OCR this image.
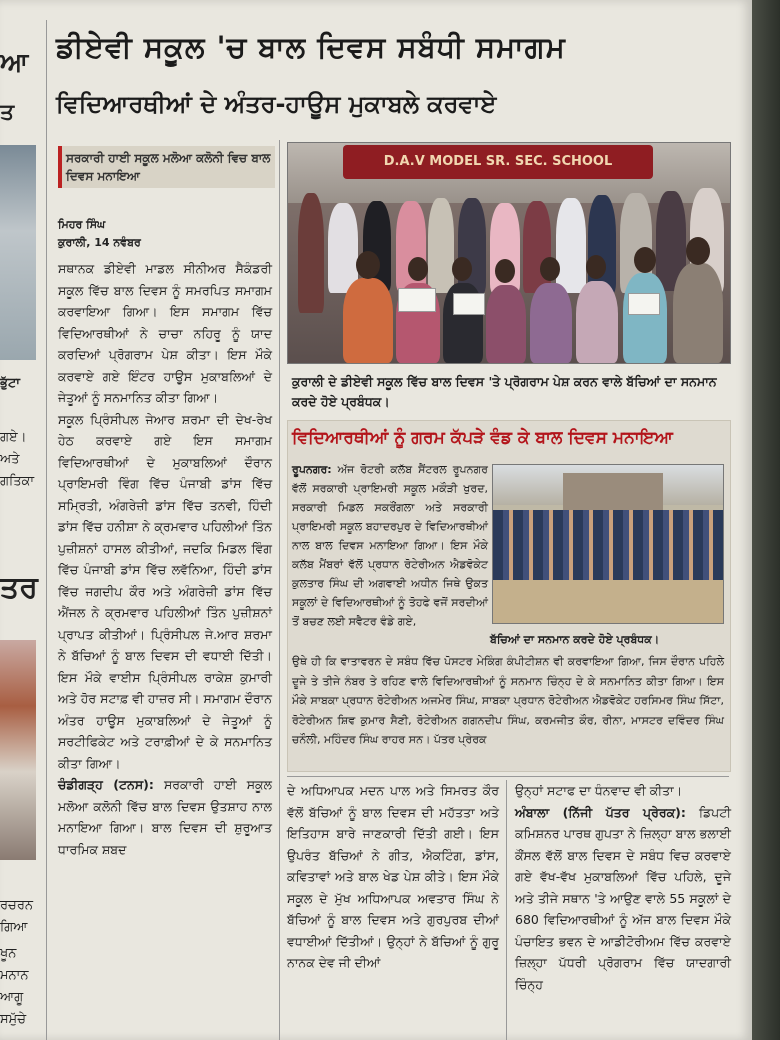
ਆ
ਤ
ਭੁੱਟਾ
ਗਏ।
ਅਤੇ
ਗਤਿਕਾ
ਤਰ
ਰਚਰਨ
ਗਿਆ
ਖੂਨ
ਮਨਾਨ
ਆਗੂ
ਸਮੁੱਚੇ
ਡੀਏਵੀ ਸਕੂਲ 'ਚ ਬਾਲ ਦਿਵਸ ਸਬੰਧੀ ਸਮਾਗਮ
ਵਿਦਿਆਰਥੀਆਂ ਦੇ ਅੰਤਰ-ਹਾਊਸ ਮੁਕਾਬਲੇ ਕਰਵਾਏ
ਸਰਕਾਰੀ ਹਾਈ ਸਕੂਲ ਮਲੋਆ ਕਲੋਨੀ ਵਿਚ ਬਾਲ ਦਿਵਸ ਮਨਾਇਆ
ਮਿਹਰ ਸਿੰਘ
ਕੁਰਾਲੀ, 14 ਨਵੰਬਰ

ਸਥਾਨਕ ਡੀਏਵੀ ਮਾਡਲ ਸੀਨੀਅਰ ਸੈਕੰਡਰੀ ਸਕੂਲ ਵਿੱਚ ਬਾਲ ਦਿਵਸ ਨੂੰ ਸਮਰਪਿਤ ਸਮਾਗਮ ਕਰਵਾਇਆ ਗਿਆ। ਇਸ ਸਮਾਗਮ ਵਿੱਚ ਵਿਦਿਆਰਥੀਆਂ ਨੇ ਚਾਚਾ ਨਹਿਰੂ ਨੂੰ ਯਾਦ ਕਰਦਿਆਂ ਪ੍ਰੋਗਰਾਮ ਪੇਸ਼ ਕੀਤਾ। ਇਸ ਮੌਕੇ ਕਰਵਾਏ ਗਏ ਇੰਟਰ ਹਾਊਸ ਮੁਕਾਬਲਿਆਂ ਦੇ ਜੇਤੂਆਂ ਨੂੰ ਸਨਮਾਨਿਤ ਕੀਤਾ ਗਿਆ।

ਸਕੂਲ ਪ੍ਰਿੰਸੀਪਲ ਜੇਆਰ ਸ਼ਰਮਾ ਦੀ ਦੇਖ-ਰੇਖ ਹੇਠ ਕਰਵਾਏ ਗਏ ਇਸ ਸਮਾਗਮ ਵਿਦਿਆਰਥੀਆਂ ਦੇ ਮੁਕਾਬਲਿਆਂ ਦੌਰਾਨ ਪ੍ਰਾਇਮਰੀ ਵਿੰਗ ਵਿੱਚ ਪੰਜਾਬੀ ਡਾਂਸ ਵਿੱਚ ਸਮ੍ਰਿਤੀ, ਅੰਗਰੇਜ਼ੀ ਡਾਂਸ ਵਿੱਚ ਤਨਵੀ, ਹਿੰਦੀ ਡਾਂਸ ਵਿੱਚ ਹਨੀਸ਼ਾ ਨੇ ਕ੍ਰਮਵਾਰ ਪਹਿਲੀਆਂ ਤਿੰਨ ਪੁਜ਼ੀਸ਼ਨਾਂ ਹਾਸਲ ਕੀਤੀਆਂ, ਜਦਕਿ ਮਿਡਲ ਵਿੰਗ ਵਿੱਚ ਪੰਜਾਬੀ ਡਾਂਸ ਵਿੱਚ ਲਵੱਨਿਆ, ਹਿੰਦੀ ਡਾਂਸ ਵਿੱਚ ਜਗਦੀਪ ਕੌਰ ਅਤੇ ਅੰਗਰੇਜ਼ੀ ਡਾਂਸ ਵਿੱਚ ਐਂਜਲ ਨੇ ਕ੍ਰਮਵਾਰ ਪਹਿਲੀਆਂ ਤਿੰਨ ਪੁਜ਼ੀਸ਼ਨਾਂ ਪ੍ਰਾਪਤ ਕੀਤੀਆਂ। ਪ੍ਰਿੰਸੀਪਲ ਜੇ.ਆਰ ਸ਼ਰਮਾ ਨੇ ਬੱਚਿਆਂ ਨੂੰ ਬਾਲ ਦਿਵਸ ਦੀ ਵਧਾਈ ਦਿੱਤੀ। ਇਸ ਮੌਕੇ ਵਾਈਸ ਪ੍ਰਿੰਸੀਪਲ ਰਾਕੇਸ਼ ਕੁਮਾਰੀ ਅਤੇ ਹੋਰ ਸਟਾਫ਼ ਵੀ ਹਾਜ਼ਰ ਸੀ। ਸਮਾਗਮ ਦੌਰਾਨ ਅੰਤਰ ਹਾਊਸ ਮੁਕਾਬਲਿਆਂ ਦੇ ਜੇਤੂਆਂ ਨੂੰ ਸਰਟੀਫਿਕੇਟ ਅਤੇ ਟਰਾਫ਼ੀਆਂ ਦੇ ਕੇ ਸਨਮਾਨਿਤ ਕੀਤਾ ਗਿਆ।

ਚੰਡੀਗੜ੍ਹ (ਟਨਸ): ਸਰਕਾਰੀ ਹਾਈ ਸਕੂਲ ਮਲੋਆ ਕਲੋਨੀ ਵਿੱਚ ਬਾਲ ਦਿਵਸ ਉਤਸ਼ਾਹ ਨਾਲ ਮਨਾਇਆ ਗਿਆ। ਬਾਲ ਦਿਵਸ ਦੀ ਸ਼ੁਰੂਆਤ ਧਾਰਮਿਕ ਸ਼ਬਦ

D.A.V MODEL SR. SEC. SCHOOL
ਕੁਰਾਲੀ ਦੇ ਡੀਏਵੀ ਸਕੂਲ ਵਿੱਚ ਬਾਲ ਦਿਵਸ 'ਤੇ ਪ੍ਰੋਗਰਾਮ ਪੇਸ਼ ਕਰਨ ਵਾਲੇ ਬੱਚਿਆਂ ਦਾ ਸਨਮਾਨ ਕਰਦੇ ਹੋਏ ਪ੍ਰਬੰਧਕ।
ਵਿਦਿਆਰਥੀਆਂ ਨੂੰ ਗਰਮ ਕੱਪੜੇ ਵੰਡ ਕੇ ਬਾਲ ਦਿਵਸ ਮਨਾਇਆ
ਰੂਪਨਗਰ: ਅੱਜ ਰੋਟਰੀ ਕਲੱਬ ਸੈਂਟਰਲ ਰੂਪਨਗਰ ਵੱਲੋਂ ਸਰਕਾਰੀ ਪ੍ਰਾਇਮਰੀ ਸਕੂਲ ਮਕੌੜੀ ਖੁਰਦ, ਸਰਕਾਰੀ ਮਿਡਲ ਸਕਰੌਂਗਲਾ ਅਤੇ ਸਰਕਾਰੀ ਪ੍ਰਾਇਮਰੀ ਸਕੂਲ ਬਹਾਦਰਪੁਰ ਦੇ ਵਿਦਿਆਰਥੀਆਂ ਨਾਲ ਬਾਲ ਦਿਵਸ ਮਨਾਇਆ ਗਿਆ। ਇਸ ਮੌਕੇ ਕਲੱਬ ਮੈਂਬਰਾਂ ਵੱਲੋਂ ਪ੍ਰਧਾਨ ਰੋਟੇਰੀਅਨ ਐਡਵੋਕੇਟ ਕੁਲਤਾਰ ਸਿੰਘ ਦੀ ਅਗਵਾਈ ਅਧੀਨ ਜਿਥੇ ਉਕਤ ਸਕੂਲਾਂ ਦੇ ਵਿਦਿਆਰਥੀਆਂ ਨੂੰ ਤੋਹਫੇ ਵਜੋਂ ਸਰਦੀਆਂ ਤੋਂ ਬਚਣ ਲਈ ਸਵੈਟਰ ਵੰਡੇ ਗਏ,
ਬੱਚਿਆਂ ਦਾ ਸਨਮਾਨ ਕਰਦੇ ਹੋਏ ਪ੍ਰਬੰਧਕ।
ਉਥੇ ਹੀ ਕਿ ਵਾਤਾਵਰਨ ਦੇ ਸਬੰਧ ਵਿੱਚ ਪੋਸਟਰ ਮੇਕਿੰਗ ਕੰਪੀਟੀਸ਼ਨ ਵੀ ਕਰਵਾਇਆ ਗਿਆ, ਜਿਸ ਦੌਰਾਨ ਪਹਿਲੇ ਦੂਜੇ ਤੇ ਤੀਜੇ ਨੰਬਰ ਤੇ ਰਹਿਣ ਵਾਲੇ ਵਿਦਿਆਰਥੀਆਂ ਨੂੰ ਸਨਮਾਨ ਚਿੰਨ੍ਹ ਦੇ ਕੇ ਸਨਮਾਨਿਤ ਕੀਤਾ ਗਿਆ। ਇਸ ਮੌਕੇ ਸਾਬਕਾ ਪ੍ਰਧਾਨ ਰੋਟੇਰੀਅਨ ਅਜਮੇਰ ਸਿੰਘ, ਸਾਬਕਾ ਪ੍ਰਧਾਨ ਰੋਟੇਰੀਅਨ ਐਡਵੋਕੇਟ ਹਰਸਿਮਰ ਸਿੰਘ ਸਿੱਟਾ, ਰੋਟੇਰੀਅਨ ਸ਼ਿਵ ਕੁਮਾਰ ਸੈਣੀ, ਰੋਟੇਰੀਅਨ ਗਗਨਦੀਪ ਸਿੰਘ, ਕਰਮਜੀਤ ਕੌਰ, ਰੀਨਾ, ਮਾਸਟਰ ਦਵਿੰਦਰ ਸਿੰਘ ਚਨੌਲੀ, ਮਹਿੰਦਰ ਸਿੰਘ ਰਾਹਰ ਸਨ। ਪੱਤਰ ਪ੍ਰੇਰਕ
ਦੇ ਅਧਿਆਪਕ ਮਦਨ ਪਾਲ ਅਤੇ ਸਿਮਰਤ ਕੌਰ ਵੱਲੋਂ ਬੱਚਿਆਂ ਨੂੰ ਬਾਲ ਦਿਵਸ ਦੀ ਮਹੱਤਤਾ ਅਤੇ ਇਤਿਹਾਸ ਬਾਰੇ ਜਾਣਕਾਰੀ ਦਿੱਤੀ ਗਈ। ਇਸ ਉਪਰੰਤ ਬੱਚਿਆਂ ਨੇ ਗੀਤ, ਐਕਟਿੰਗ, ਡਾਂਸ, ਕਵਿਤਾਵਾਂ ਅਤੇ ਬਾਲ ਖੇਡ ਪੇਸ਼ ਕੀਤੇ। ਇਸ ਮੌਕੇ ਸਕੂਲ ਦੇ ਮੁੱਖ ਅਧਿਆਪਕ ਅਵਤਾਰ ਸਿੰਘ ਨੇ ਬੱਚਿਆਂ ਨੂੰ ਬਾਲ ਦਿਵਸ ਅਤੇ ਗੁਰਪੁਰਬ ਦੀਆਂ ਵਧਾਈਆਂ ਦਿੱਤੀਆਂ। ਉਨ੍ਹਾਂ ਨੇ ਬੱਚਿਆਂ ਨੂੰ ਗੁਰੂ ਨਾਨਕ ਦੇਵ ਜੀ ਦੀਆਂ
ਉਨ੍ਹਾਂ ਸਟਾਫ ਦਾ ਧੰਨਵਾਦ ਵੀ ਕੀਤਾ।
ਅੰਬਾਲਾ (ਨਿੱਜੀ ਪੱਤਰ ਪ੍ਰੇਰਕ): ਡਿਪਟੀ ਕਮਿਸ਼ਨਰ ਪਾਰਥ ਗੁਪਤਾ ਨੇ ਜ਼ਿਲ੍ਹਾ ਬਾਲ ਭਲਾਈ ਕੌਂਸਲ ਵੱਲੋਂ ਬਾਲ ਦਿਵਸ ਦੇ ਸਬੰਧ ਵਿਚ ਕਰਵਾਏ ਗਏ ਵੱਖ-ਵੱਖ ਮੁਕਾਬਲਿਆਂ ਵਿੱਚ ਪਹਿਲੇ, ਦੂਜੇ ਅਤੇ ਤੀਜੇ ਸਥਾਨ 'ਤੇ ਆਉਣ ਵਾਲੇ 55 ਸਕੂਲਾਂ ਦੇ 680 ਵਿਦਿਆਰਥੀਆਂ ਨੂੰ ਅੱਜ ਬਾਲ ਦਿਵਸ ਮੌਕੇ ਪੰਚਾਇਤ ਭਵਨ ਦੇ ਆਡੀਟੋਰੀਅਮ ਵਿੱਚ ਕਰਵਾਏ ਜ਼ਿਲ੍ਹਾ ਪੱਧਰੀ ਪ੍ਰੋਗਰਾਮ ਵਿੱਚ ਯਾਦਗਾਰੀ ਚਿੰਨ੍ਹ
